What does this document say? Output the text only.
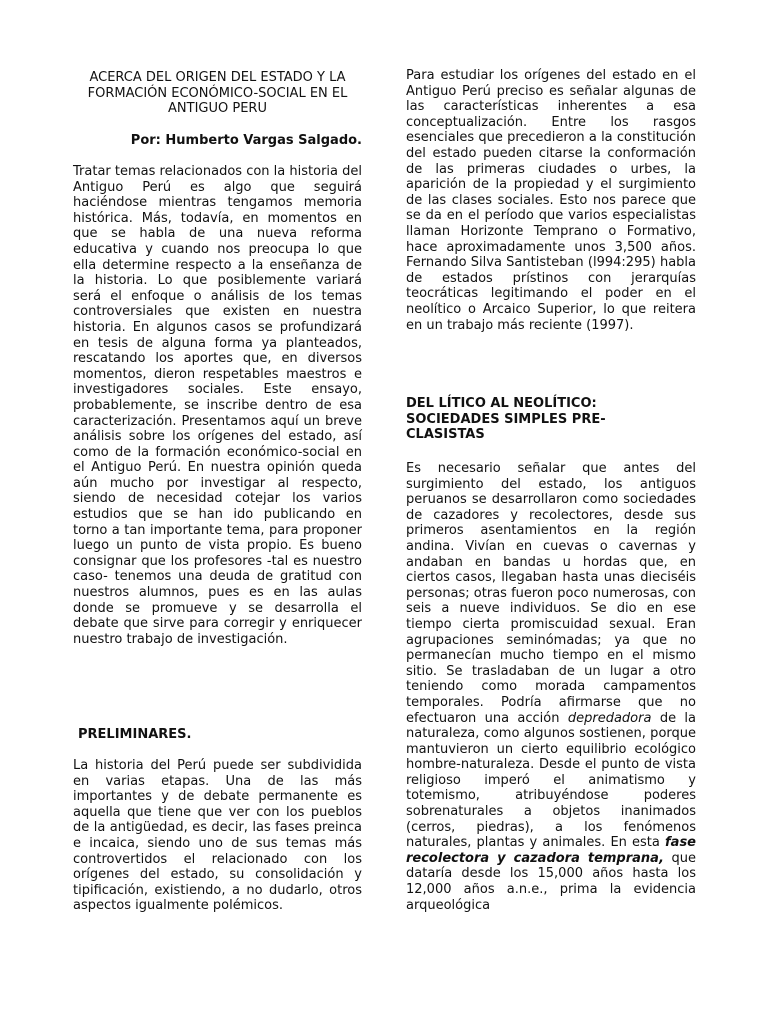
ACERCA DEL ORIGEN DEL ESTADO Y LA FORMACIÓN ECONÓMICO-SOCIAL EN EL ANTIGUO PERU

Por: Humberto Vargas Salgado.

Tratar temas relacionados con la historia del Antiguo Perú es algo que seguirá haciéndose mientras tengamos memoria histórica. Más, todavía, en momentos en que se habla de una nueva reforma educativa y cuando nos preocupa lo que ella determine respecto a la enseñanza de la historia. Lo que posiblemente variará será el enfoque o análisis de los temas controversiales que existen en nuestra historia. En algunos casos se profundizará en tesis de alguna forma ya planteados, rescatando los aportes que, en diversos momentos, dieron respetables maestros e investigadores sociales. Este ensayo, probablemente, se inscribe dentro de esa caracterización. Presentamos aquí un breve análisis sobre los orígenes del estado, así como de la formación económico-social en el Antiguo Perú. En nuestra opinión queda aún mucho por investigar al respecto, siendo de necesidad cotejar los varios estudios que se han ido publicando en torno a tan importante tema, para proponer luego un punto de vista propio. Es bueno consignar que los profesores -tal es nuestro caso- tenemos una deuda de gratitud con nuestros alumnos, pues es en las aulas donde se promueve y se desarrolla el debate que sirve para corregir y enriquecer nuestro trabajo de investigación.

PRELIMINARES.

La historia del Perú puede ser subdividida en varias etapas. Una de las más importantes y de debate permanente es aquella que tiene que ver con los pueblos de la antigüedad, es decir, las fases preinca e incaica, siendo uno de sus temas más controvertidos el relacionado con los orígenes del estado, su consolidación y tipificación, existiendo, a no dudarlo, otros aspectos igualmente polémicos.

Para estudiar los orígenes del estado en el Antiguo Perú preciso es señalar algunas de las características inherentes a esa conceptualización. Entre los rasgos esenciales que precedieron a la constitución del estado pueden citarse la conformación de las primeras ciudades o urbes, la aparición de la propiedad y el surgimiento de las clases sociales. Esto nos parece que se da en el período que varios especialistas llaman Horizonte Temprano o Formativo, hace aproximadamente unos 3,500 años. Fernando Silva Santisteban (l994:295) habla de estados prístinos con jerarquías teocráticas legitimando el poder en el neolítico o Arcaico Superior, lo que reitera en un trabajo más reciente (1997).

DEL LÍTICO AL NEOLÍTICO: SOCIEDADES SIMPLES PRE-CLASISTAS

Es necesario señalar que antes del surgimiento del estado, los antiguos peruanos se desarrollaron como sociedades de cazadores y recolectores, desde sus primeros asentamientos en la región andina. Vivían en cuevas o cavernas y andaban en bandas u hordas que, en ciertos casos, llegaban hasta unas dieciséis personas; otras fueron poco numerosas, con seis a nueve individuos. Se dio en ese tiempo cierta promiscuidad sexual. Eran agrupaciones seminómadas; ya que no permanecían mucho tiempo en el mismo sitio. Se trasladaban de un lugar a otro teniendo como morada campamentos temporales. Podría afirmarse que no efectuaron una acción depredadora de la naturaleza, como algunos sostienen, porque mantuvieron un cierto equilibrio ecológico hombre-naturaleza. Desde el punto de vista religioso imperó el animatismo y totemismo, atribuyéndose poderes sobrenaturales a objetos inanimados (cerros, piedras), a los fenómenos naturales, plantas y animales. En esta fase recolectora y cazadora temprana, que dataría desde los 15,000 años hasta los 12,000 años a.n.e., prima la evidencia arqueológica
